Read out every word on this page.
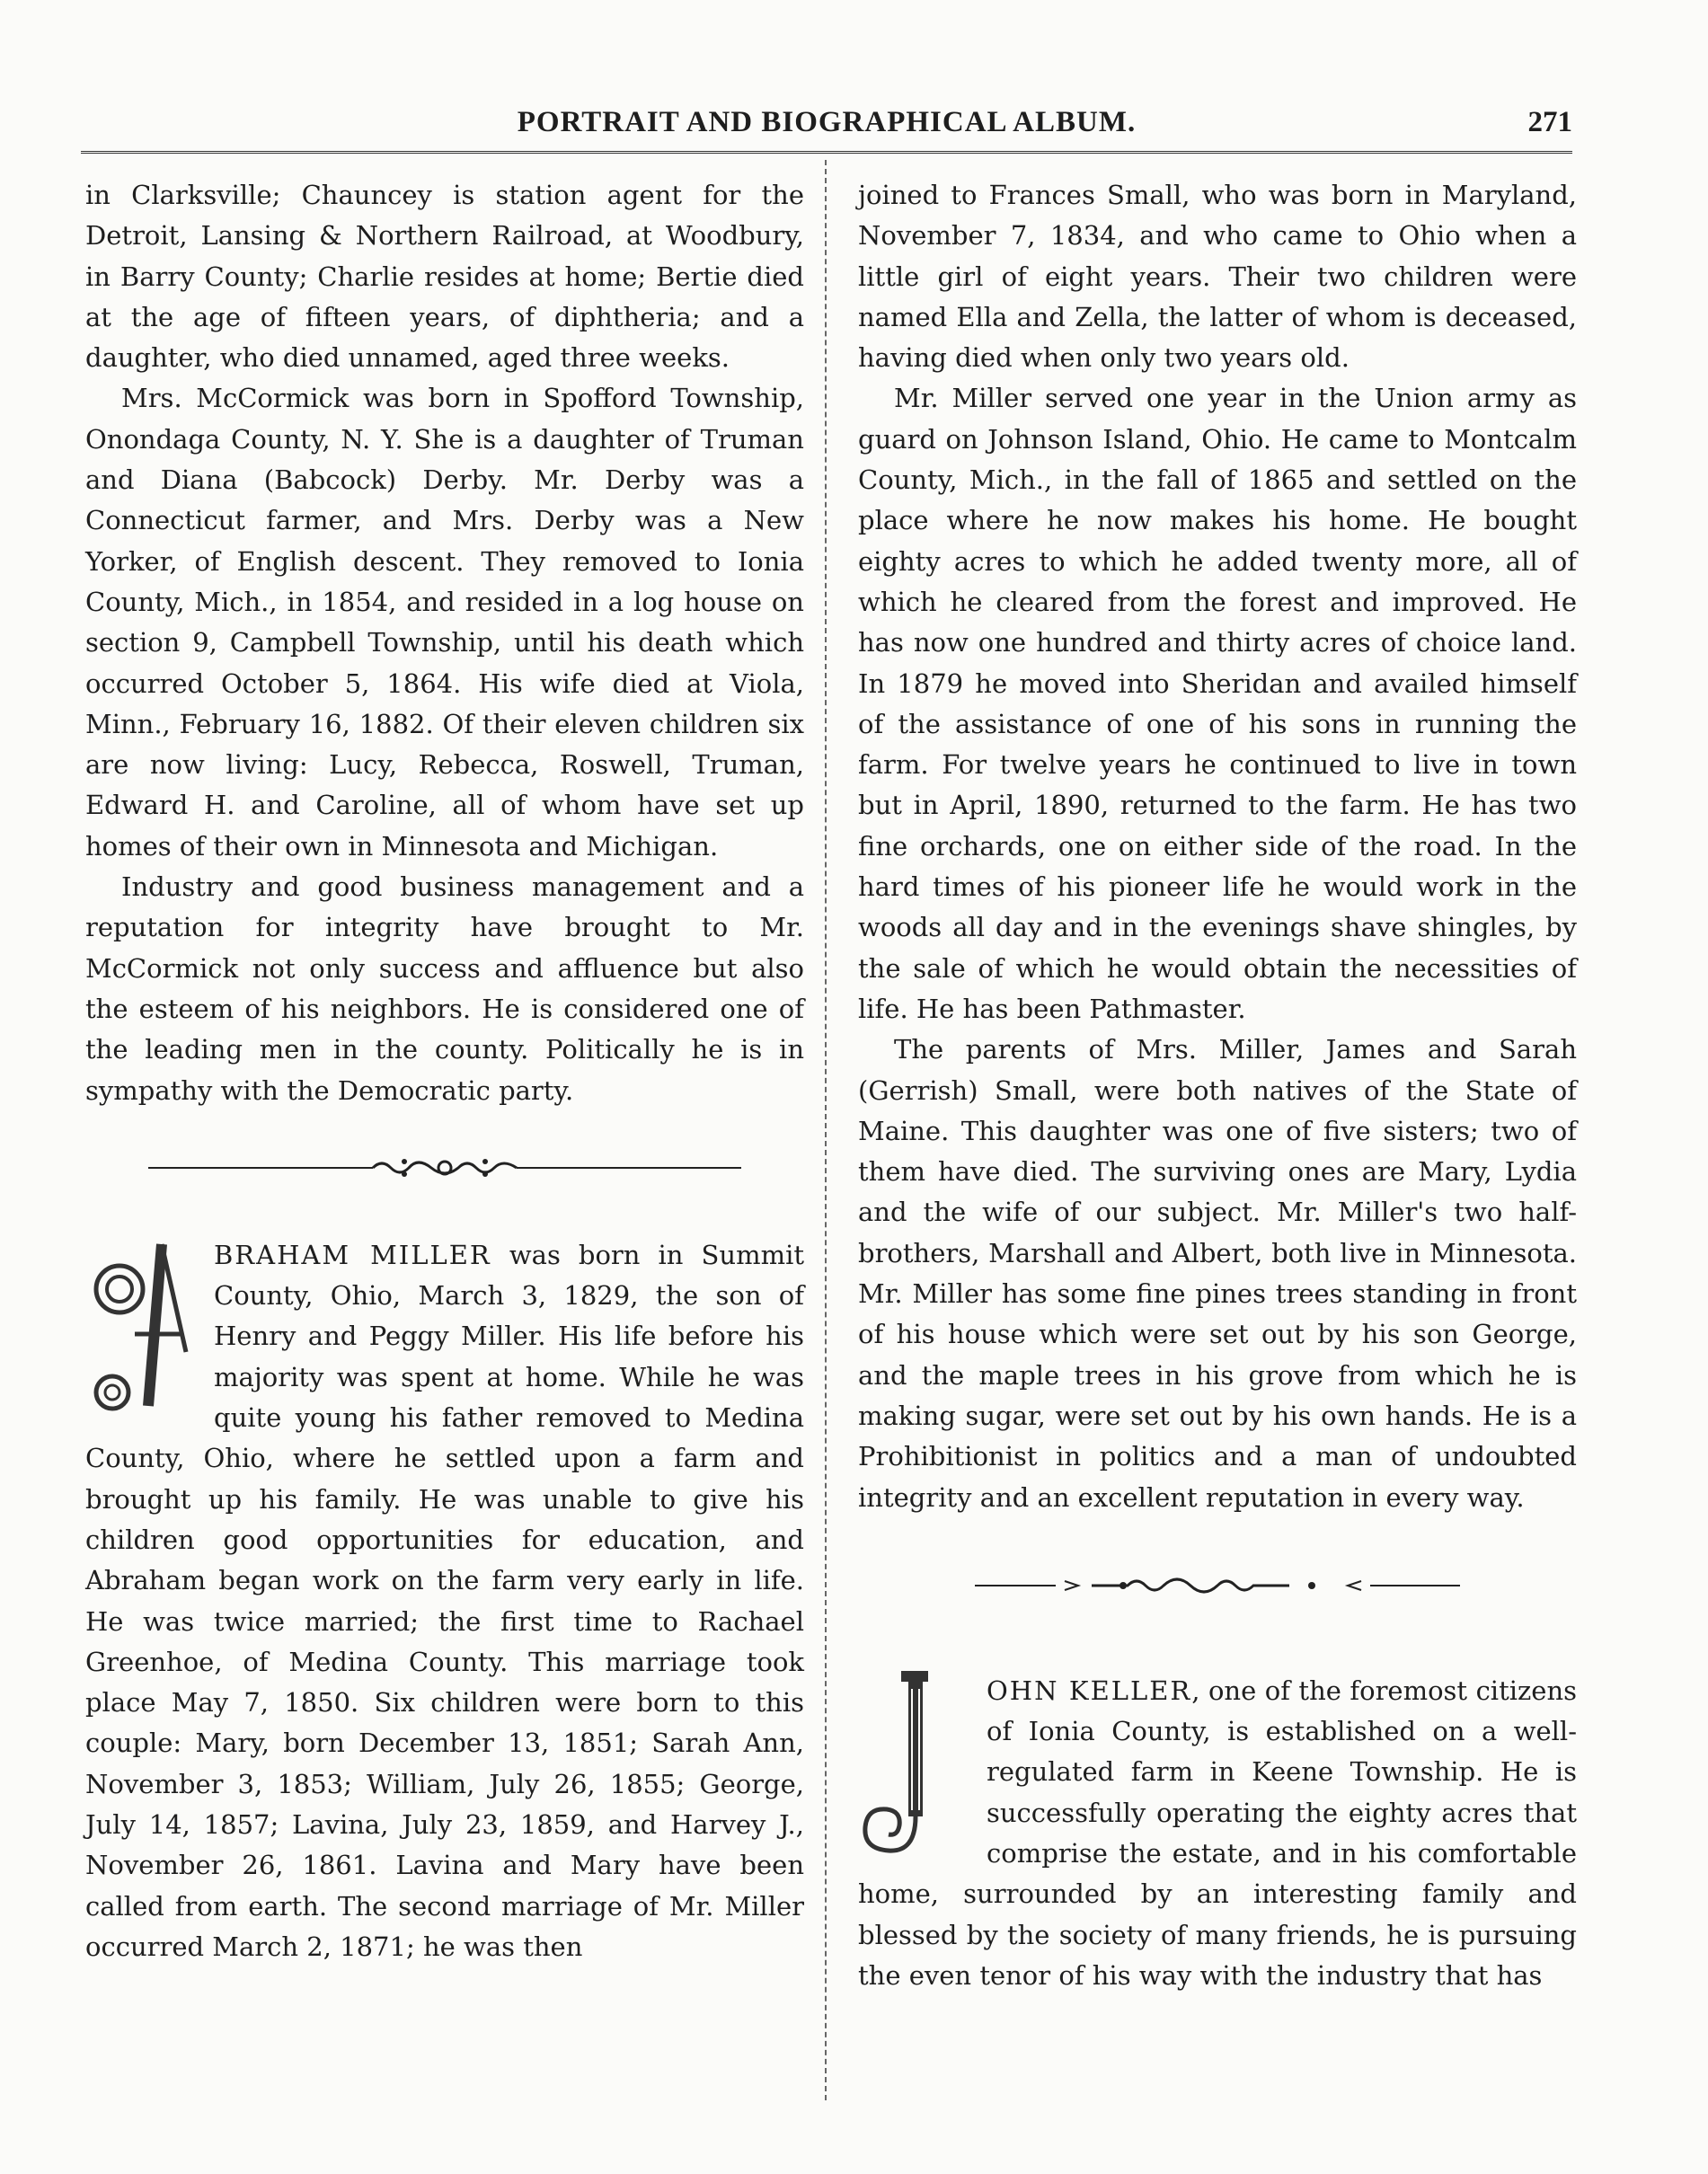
PORTRAIT AND BIOGRAPHICAL ALBUM.	271

in Clarksville; Chauncey is station agent for the Detroit, Lansing & Northern Railroad, at Woodbury, in Barry County; Charlie resides at home; Bertie died at the age of fifteen years, of diphtheria; and a daughter, who died unnamed, aged three weeks.

Mrs. McCormick was born in Spofford Township, Onondaga County, N. Y. She is a daughter of Truman and Diana (Babcock) Derby. Mr. Derby was a Connecticut farmer, and Mrs. Derby was a New Yorker, of English descent. They removed to Ionia County, Mich., in 1854, and resided in a log house on section 9, Campbell Township, until his death which occurred October 5, 1864. His wife died at Viola, Minn., February 16, 1882. Of their eleven children six are now living: Lucy, Rebecca, Roswell, Truman, Edward H. and Caroline, all of whom have set up homes of their own in Minnesota and Michigan.

Industry and good business management and a reputation for integrity have brought to Mr. McCormick not only success and affluence but also the esteem of his neighbors. He is considered one of the leading men in the county. Politically he is in sympathy with the Democratic party.

BRAHAM MILLER was born in Summit County, Ohio, March 3, 1829, the son of Henry and Peggy Miller. His life before his majority was spent at home. While he was quite young his father removed to Medina County, Ohio, where he settled upon a farm and brought up his family. He was unable to give his children good opportunities for education, and Abraham began work on the farm very early in life. He was twice married; the first time to Rachael Greenhoe, of Medina County. This marriage took place May 7, 1850. Six children were born to this couple: Mary, born December 13, 1851; Sarah Ann, November 3, 1853; William, July 26, 1855; George, July 14, 1857; Lavina, July 23, 1859, and Harvey J., November 26, 1861. Lavina and Mary have been called from earth. The second marriage of Mr. Miller occurred March 2, 1871; he was then

joined to Frances Small, who was born in Maryland, November 7, 1834, and who came to Ohio when a little girl of eight years. Their two children were named Ella and Zella, the latter of whom is deceased, having died when only two years old.

Mr. Miller served one year in the Union army as guard on Johnson Island, Ohio. He came to Montcalm County, Mich., in the fall of 1865 and settled on the place where he now makes his home. He bought eighty acres to which he added twenty more, all of which he cleared from the forest and improved. He has now one hundred and thirty acres of choice land. In 1879 he moved into Sheridan and availed himself of the assistance of one of his sons in running the farm. For twelve years he continued to live in town but in April, 1890, returned to the farm. He has two fine orchards, one on either side of the road. In the hard times of his pioneer life he would work in the woods all day and in the evenings shave shingles, by the sale of which he would obtain the necessities of life. He has been Pathmaster.

The parents of Mrs. Miller, James and Sarah (Gerrish) Small, were both natives of the State of Maine. This daughter was one of five sisters; two of them have died. The surviving ones are Mary, Lydia and the wife of our subject. Mr. Miller's two half-brothers, Marshall and Albert, both live in Minnesota. Mr. Miller has some fine pines trees standing in front of his house which were set out by his son George, and the maple trees in his grove from which he is making sugar, were set out by his own hands. He is a Prohibitionist in politics and a man of undoubted integrity and an excellent reputation in every way.

OHN KELLER, one of the foremost citizens of Ionia County, is established on a well-regulated farm in Keene Township. He is successfully operating the eighty acres that comprise the estate, and in his comfortable home, surrounded by an interesting family and blessed by the society of many friends, he is pursuing the even tenor of his way with the industry that has
